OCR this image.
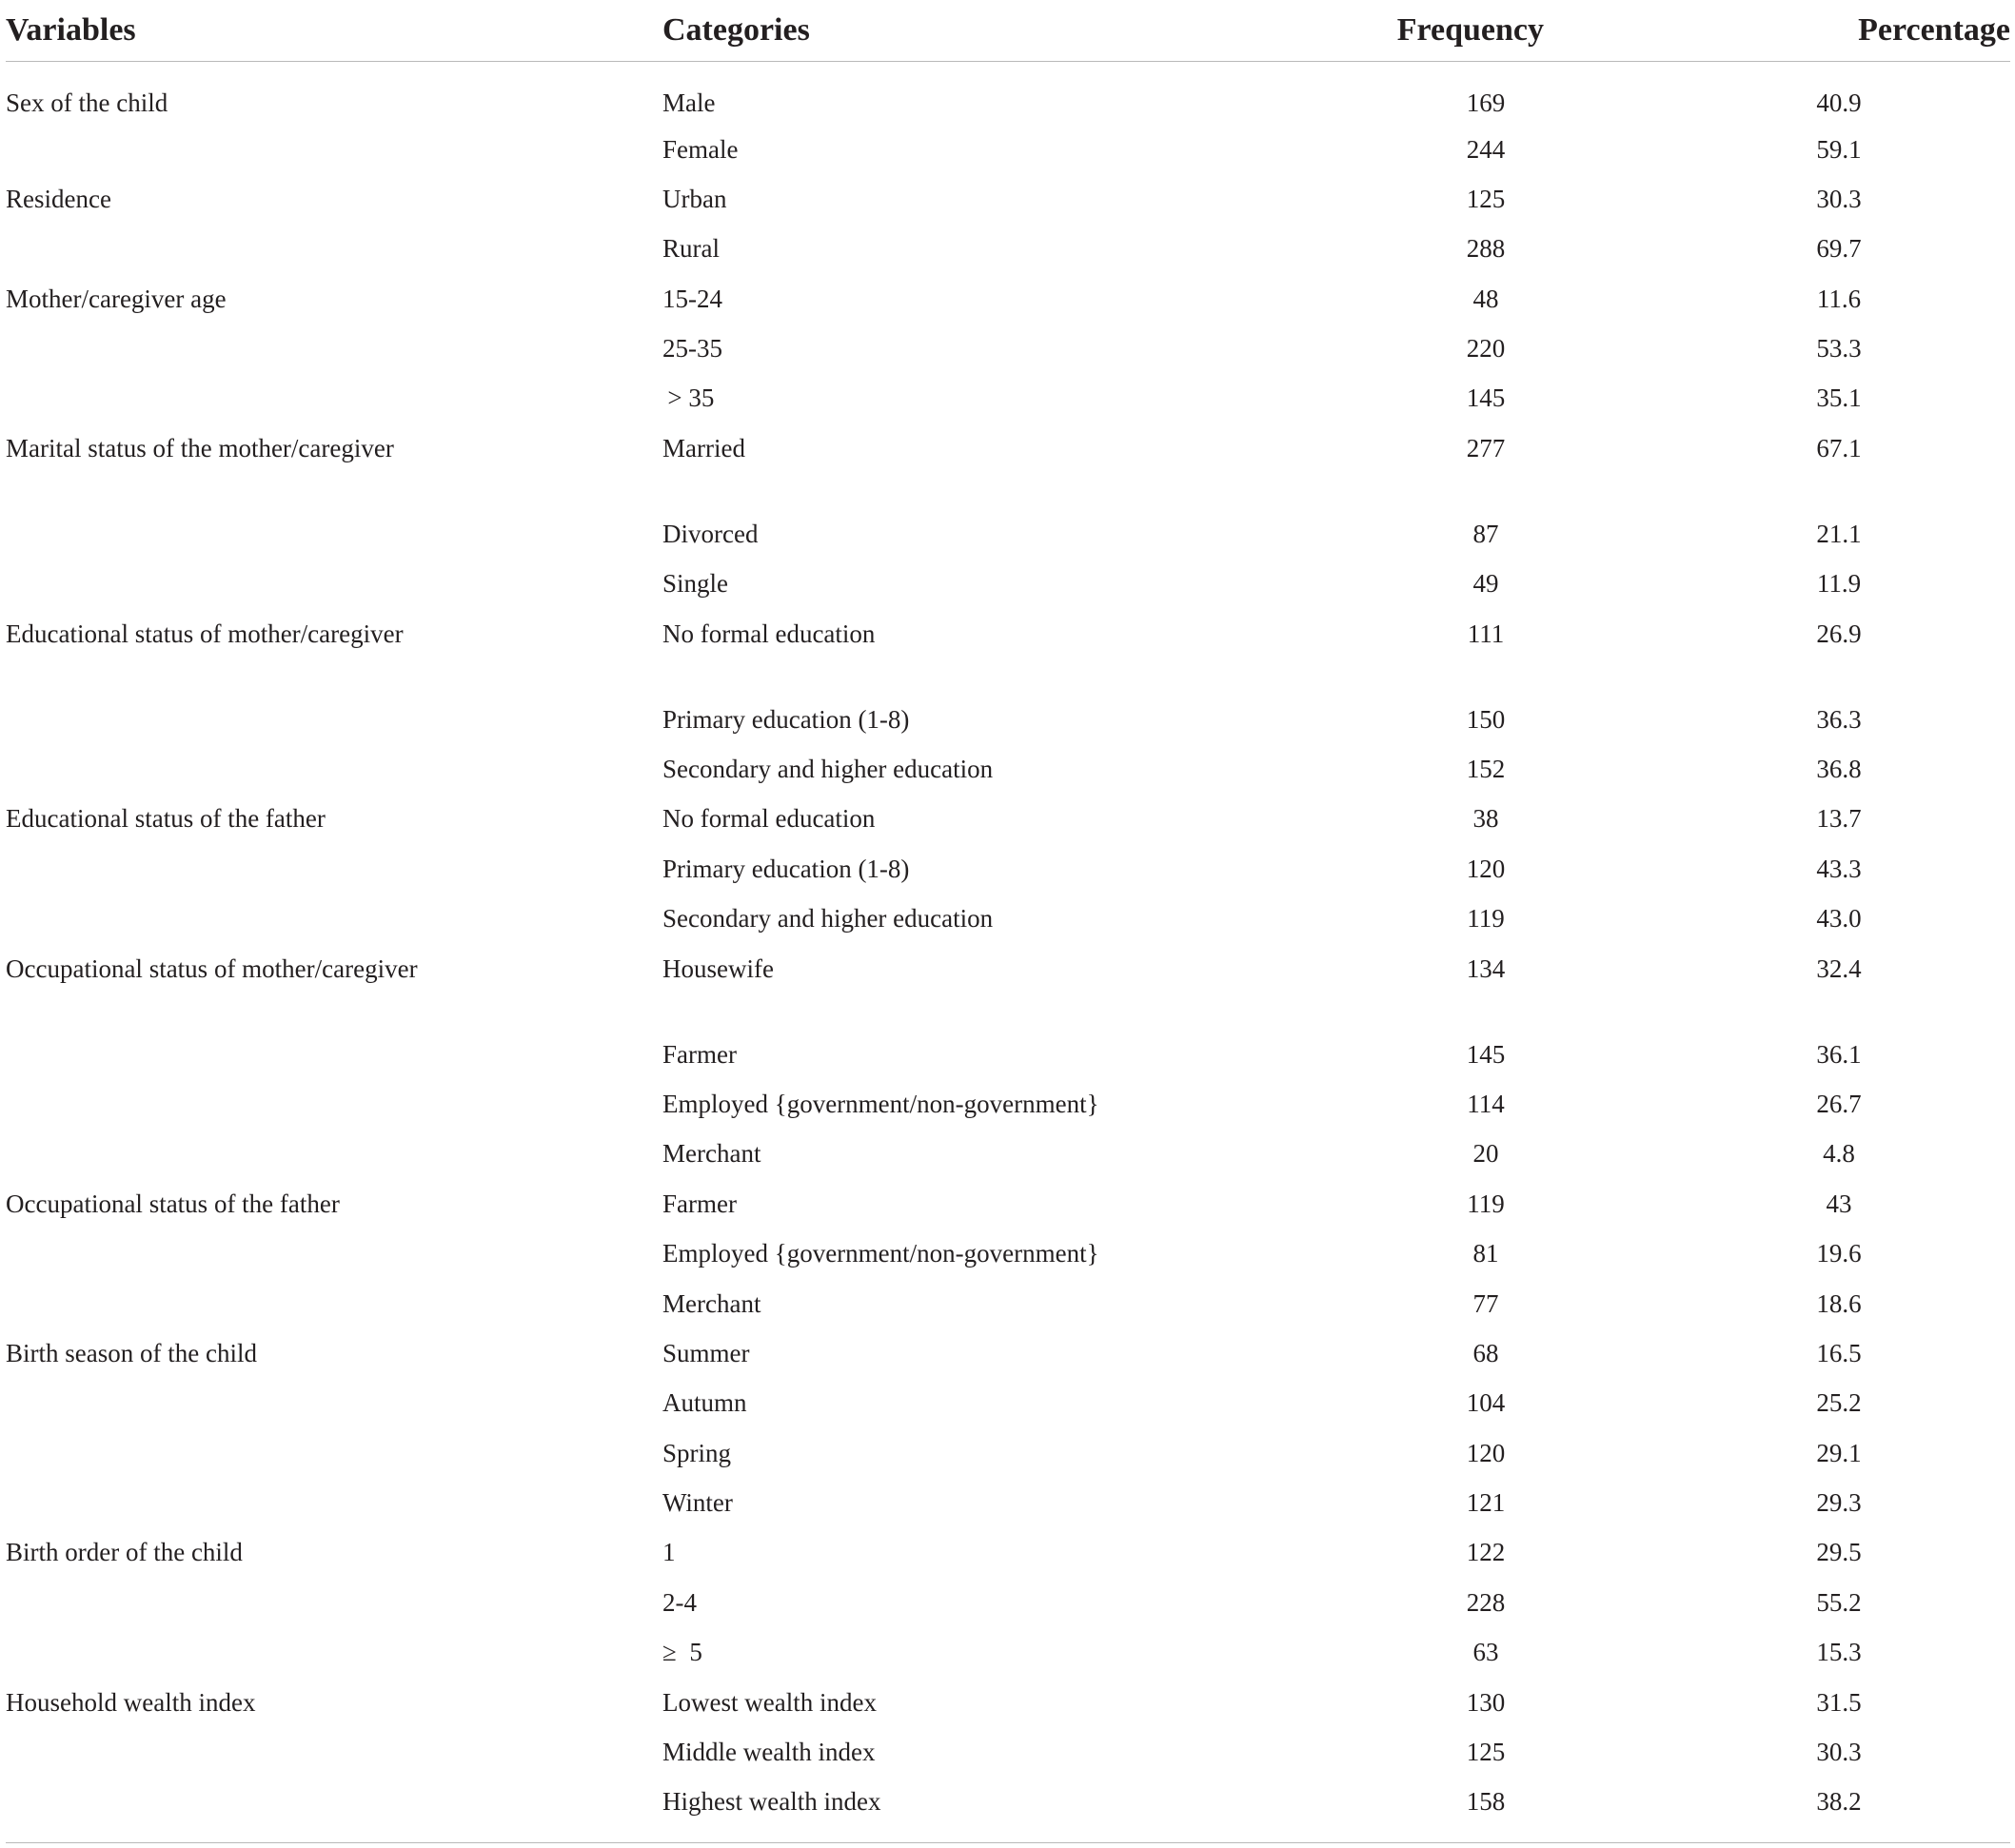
Variables	Categories	Frequency	Percentage
Sex of the child	Male	169	40.9
	Female	244	59.1
Residence	Urban	125	30.3
	Rural	288	69.7
Mother/caregiver age	15-24	48	11.6
	25-35	220	53.3
	 > 35	145	35.1
Marital status of the mother/caregiver	Married	277	67.1
	Divorced	87	21.1
	Single	49	11.9
Educational status of mother/caregiver	No formal education	111	26.9
	Primary education (1-8)	150	36.3
	Secondary and higher education	152	36.8
Educational status of the father	No formal education	38	13.7
	Primary education (1-8)	120	43.3
	Secondary and higher education	119	43.0
Occupational status of mother/caregiver	Housewife	134	32.4
	Farmer	145	36.1
	Employed {government/non-government}	114	26.7
	Merchant	20	4.8
Occupational status of the father	Farmer	119	43
	Employed {government/non-government}	81	19.6
	Merchant	77	18.6
Birth season of the child	Summer	68	16.5
	Autumn	104	25.2
	Spring	120	29.1
	Winter	121	29.3
Birth order of the child	1	122	29.5
	2-4	228	55.2
	≥ 5	63	15.3
Household wealth index	Lowest wealth index	130	31.5
	Middle wealth index	125	30.3
	Highest wealth index	158	38.2
